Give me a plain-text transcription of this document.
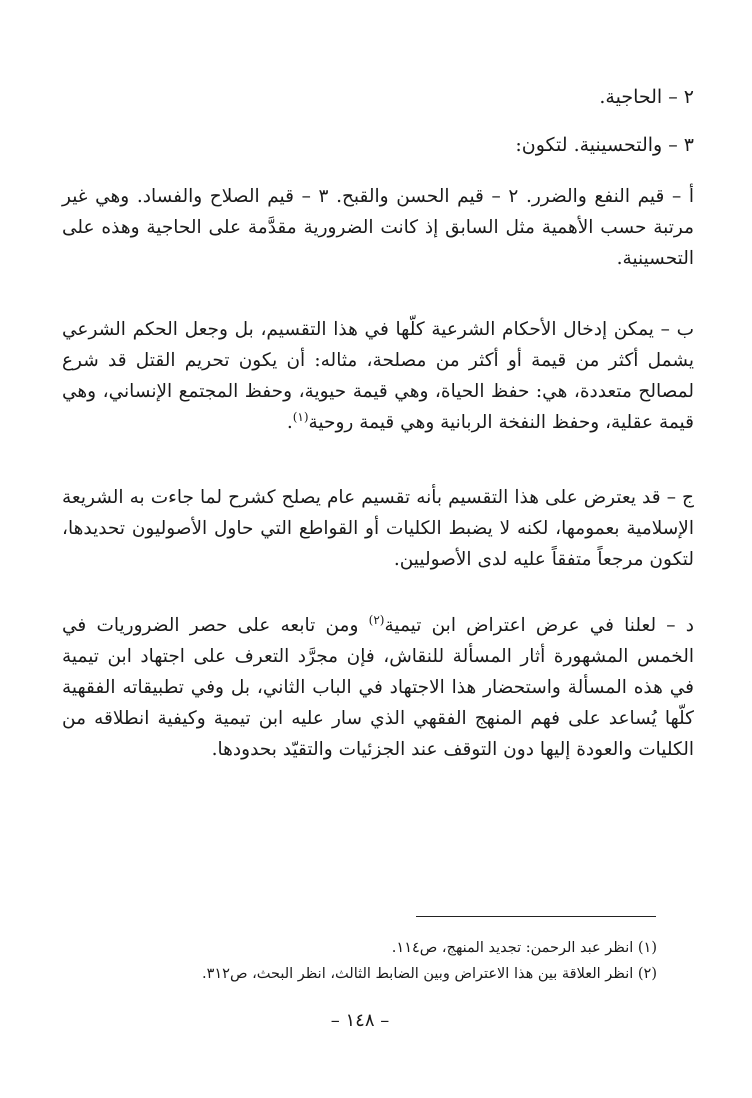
٢ – الحاجية.
٣ – والتحسينية. لتكون:

أ – قيم النفع والضرر. ٢ – قيم الحسن والقبح. ٣ – قيم الصلاح والفساد. وهي غير مرتبة حسب الأهمية مثل السابق إذ كانت الضرورية مقدَّمة على الحاجية وهذه على التحسينية.

ب – يمكن إدخال الأحكام الشرعية كلّها في هذا التقسيم، بل وجعل الحكم الشرعي يشمل أكثر من قيمة أو أكثر من مصلحة، مثاله: أن يكون تحريم القتل قد شرع لمصالح متعددة، هي: حفظ الحياة، وهي قيمة حيوية، وحفظ المجتمع الإنساني، وهي قيمة عقلية، وحفظ النفخة الربانية وهي قيمة روحية$^{(١)}$.

ج – قد يعترض على هذا التقسيم بأنه تقسيم عام يصلح كشرح لما جاءت به الشريعة الإسلامية بعمومها، لكنه لا يضبط الكليات أو القواطع التي حاول الأصوليون تحديدها، لتكون مرجعاً متفقاً عليه لدى الأصوليين.

د – لعلنا في عرض اعتراض ابن تيمية$^{(٢)}$ ومن تابعه على حصر الضروريات في الخمس المشهورة أثار المسألة للنقاش، فإن مجرَّد التعرف على اجتهاد ابن تيمية في هذه المسألة واستحضار هذا الاجتهاد في الباب الثاني، بل وفي تطبيقاته الفقهية كلّها يُساعد على فهم المنهج الفقهي الذي سار عليه ابن تيمية وكيفية انطلاقه من الكليات والعودة إليها دون التوقف عند الجزئيات والتقيّد بحدودها.

(١) انظر عبد الرحمن: تجديد المنهج، ص١١٤.
(٢) انظر العلاقة بين هذا الاعتراض وبين الضابط الثالث، انظر البحث، ص٣١٢.
– ١٤٨ –
